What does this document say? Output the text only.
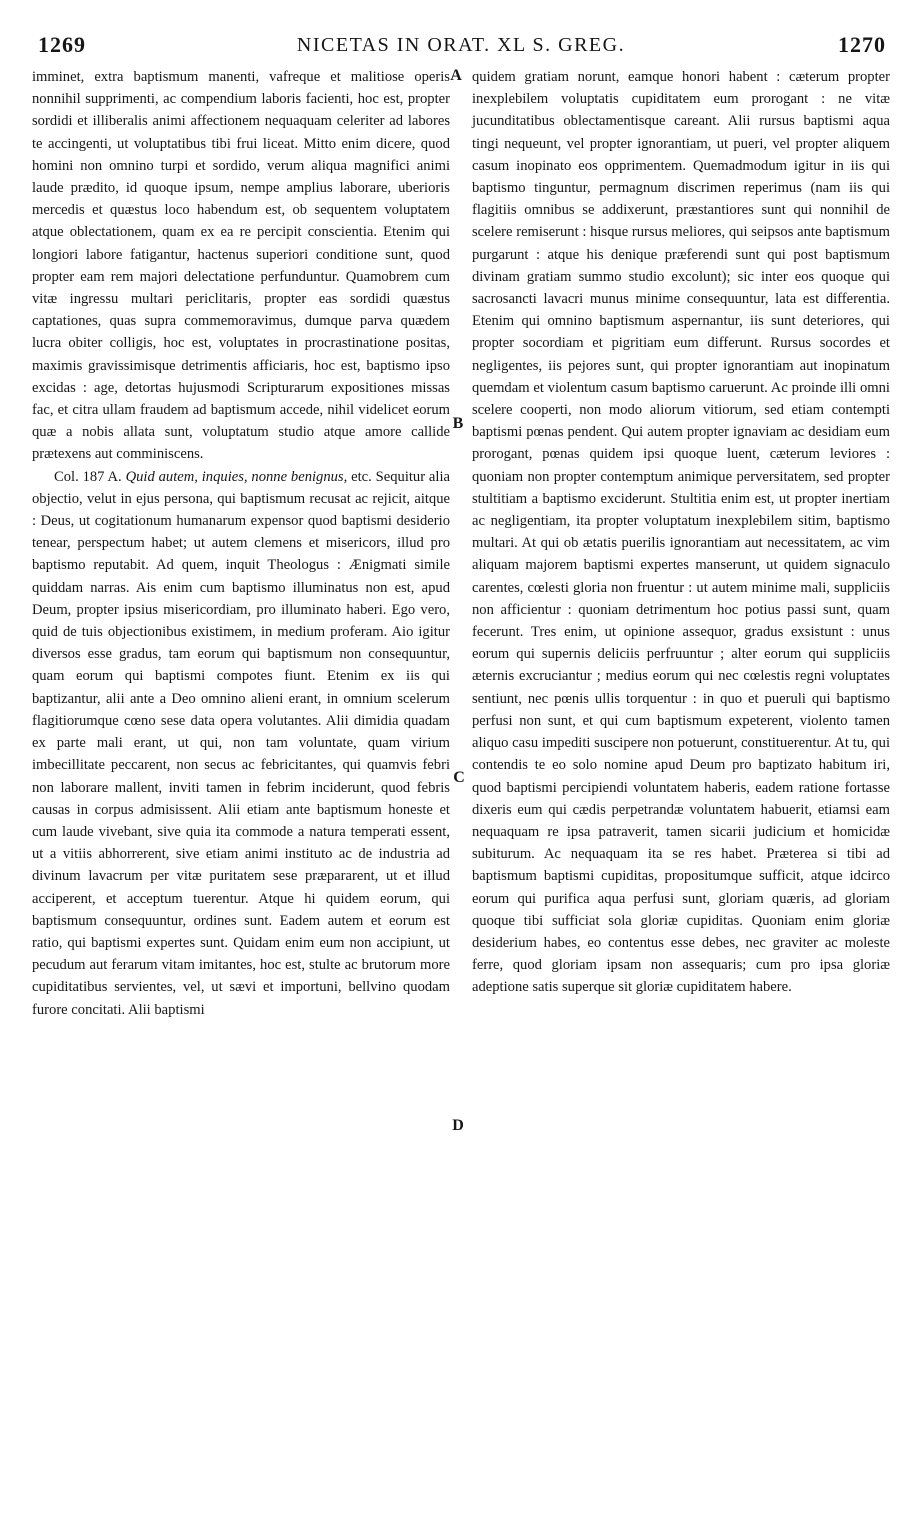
1269	NICETAS IN ORAT. XL S. GREG.	1270
A
B
C
D

imminet, extra baptismum manenti, vafreque et malitiose operis nonnihil supprimenti, ac compendium laboris facienti, hoc est, propter sordidi et illiberalis animi affectionem nequaquam celeriter ad labores te accingenti, ut voluptatibus tibi frui liceat. Mitto enim dicere, quod homini non omnino turpi et sordido, verum aliqua magnifici animi laude prædito, id quoque ipsum, nempe amplius laborare, uberioris mercedis et quæstus loco habendum est, ob sequentem voluptatem atque oblectationem, quam ex ea re percipit conscientia. Etenim qui longiori labore fatigantur, hactenus superiori conditione sunt, quod propter eam rem majori delectatione perfunduntur. Quamobrem cum vitæ ingressu multari periclitaris, propter eas sordidi quæstus captationes, quas supra commemoravimus, dumque parva quædem lucra obiter colligis, hoc est, voluptates in procrastinatione positas, maximis gravissimisque detrimentis afficiaris, hoc est, baptismo ipso excidas : age, detortas hujusmodi Scripturarum expositiones missas fac, et citra ullam fraudem ad baptismum accede, nihil videlicet eorum quæ a nobis allata sunt, voluptatum studio atque amore callide prætexens aut comminiscens.

Col. 187 A. Quid autem, inquies, nonne benignus, etc. Sequitur alia objectio, velut in ejus persona, qui baptismum recusat ac rejicit, aitque : Deus, ut cogitationum humanarum expensor quod baptismi desiderio tenear, perspectum habet; ut autem clemens et misericors, illud pro baptismo reputabit. Ad quem, inquit Theologus : Ænigmati simile quiddam narras. Ais enim cum baptismo illuminatus non est, apud Deum, propter ipsius misericordiam, pro illuminato haberi. Ego vero, quid de tuis objectionibus existimem, in medium proferam. Aio igitur diversos esse gradus, tam eorum qui baptismum non consequuntur, quam eorum qui baptismi compotes fiunt. Etenim ex iis qui baptizantur, alii ante a Deo omnino alieni erant, in omnium scelerum flagitiorumque cœno sese data opera volutantes. Alii dimidia quadam ex parte mali erant, ut qui, non tam voluntate, quam virium imbecillitate peccarent, non secus ac febricitantes, qui quamvis febri non laborare mallent, inviti tamen in febrim inciderunt, quod febris causas in corpus admisissent. Alii etiam ante baptismum honeste et cum laude vivebant, sive quia ita commode a natura temperati essent, ut a vitiis abhorrerent, sive etiam animi instituto ac de industria ad divinum lavacrum per vitæ puritatem sese præpararent, ut et illud acciperent, et acceptum tuerentur. Atque hi quidem eorum, qui baptismum consequuntur, ordines sunt. Eadem autem et eorum est ratio, qui baptismi expertes sunt. Quidam enim eum non accipiunt, ut pecudum aut ferarum vitam imitantes, hoc est, stulte ac brutorum more cupiditatibus servientes, vel, ut sævi et importuni, bellvino quodam furore concitati. Alii baptismi

quidem gratiam norunt, eamque honori habent : cæterum propter inexplebilem voluptatis cupiditatem eum prorogant : ne vitæ jucunditatibus oblectamentisque careant. Alii rursus baptismi aqua tingi nequeunt, vel propter ignorantiam, ut pueri, vel propter aliquem casum inopinato eos opprimentem. Quemadmodum igitur in iis qui baptismo tinguntur, permagnum discrimen reperimus (nam iis qui flagitiis omnibus se addixerunt, præstantiores sunt qui nonnihil de scelere remiserunt : hisque rursus meliores, qui seipsos ante baptismum purgarunt : atque his denique præferendi sunt qui post baptismum divinam gratiam summo studio excolunt); sic inter eos quoque qui sacrosancti lavacri munus minime consequuntur, lata est differentia. Etenim qui omnino baptismum aspernantur, iis sunt deteriores, qui propter socordiam et pigritiam eum differunt. Rursus socordes et negligentes, iis pejores sunt, qui propter ignorantiam aut inopinatum quemdam et violentum casum baptismo caruerunt. Ac proinde illi omni scelere cooperti, non modo aliorum vitiorum, sed etiam contempti baptismi pœnas pendent. Qui autem propter ignaviam ac desidiam eum prorogant, pœnas quidem ipsi quoque luent, cæterum leviores : quoniam non propter contemptum animique perversitatem, sed propter stultitiam a baptismo exciderunt. Stultitia enim est, ut propter inertiam ac negligentiam, ita propter voluptatum inexplebilem sitim, baptismo multari. At qui ob ætatis puerilis ignorantiam aut necessitatem, ac vim aliquam majorem baptismi expertes manserunt, ut quidem signaculo carentes, cœlesti gloria non fruentur : ut autem minime mali, suppliciis non afficientur : quoniam detrimentum hoc potius passi sunt, quam fecerunt. Tres enim, ut opinione assequor, gradus exsistunt : unus eorum qui supernis deliciis perfruuntur ; alter eorum qui suppliciis æternis excruciantur ; medius eorum qui nec cœlestis regni voluptates sentiunt, nec pœnis ullis torquentur : in quo et pueruli qui baptismo perfusi non sunt, et qui cum baptismum expeterent, violento tamen aliquo casu impediti suscipere non potuerunt, constituerentur. At tu, qui contendis te eo solo nomine apud Deum pro baptizato habitum iri, quod baptismi percipiendi voluntatem haberis, eadem ratione fortasse dixeris eum qui cædis perpetrandæ voluntatem habuerit, etiamsi eam nequaquam re ipsa patraverit, tamen sicarii judicium et homicidæ subiturum. Ac nequaquam ita se res habet. Præterea si tibi ad baptismum baptismi cupiditas, propositumque sufficit, atque idcirco eorum qui purifica aqua perfusi sunt, gloriam quæris, ad gloriam quoque tibi sufficiat sola gloriæ cupiditas. Quoniam enim gloriæ desiderium habes, eo contentus esse debes, nec graviter ac moleste ferre, quod gloriam ipsam non assequaris; cum pro ipsa gloriæ adeptione satis superque sit gloriæ cupiditatem habere.
